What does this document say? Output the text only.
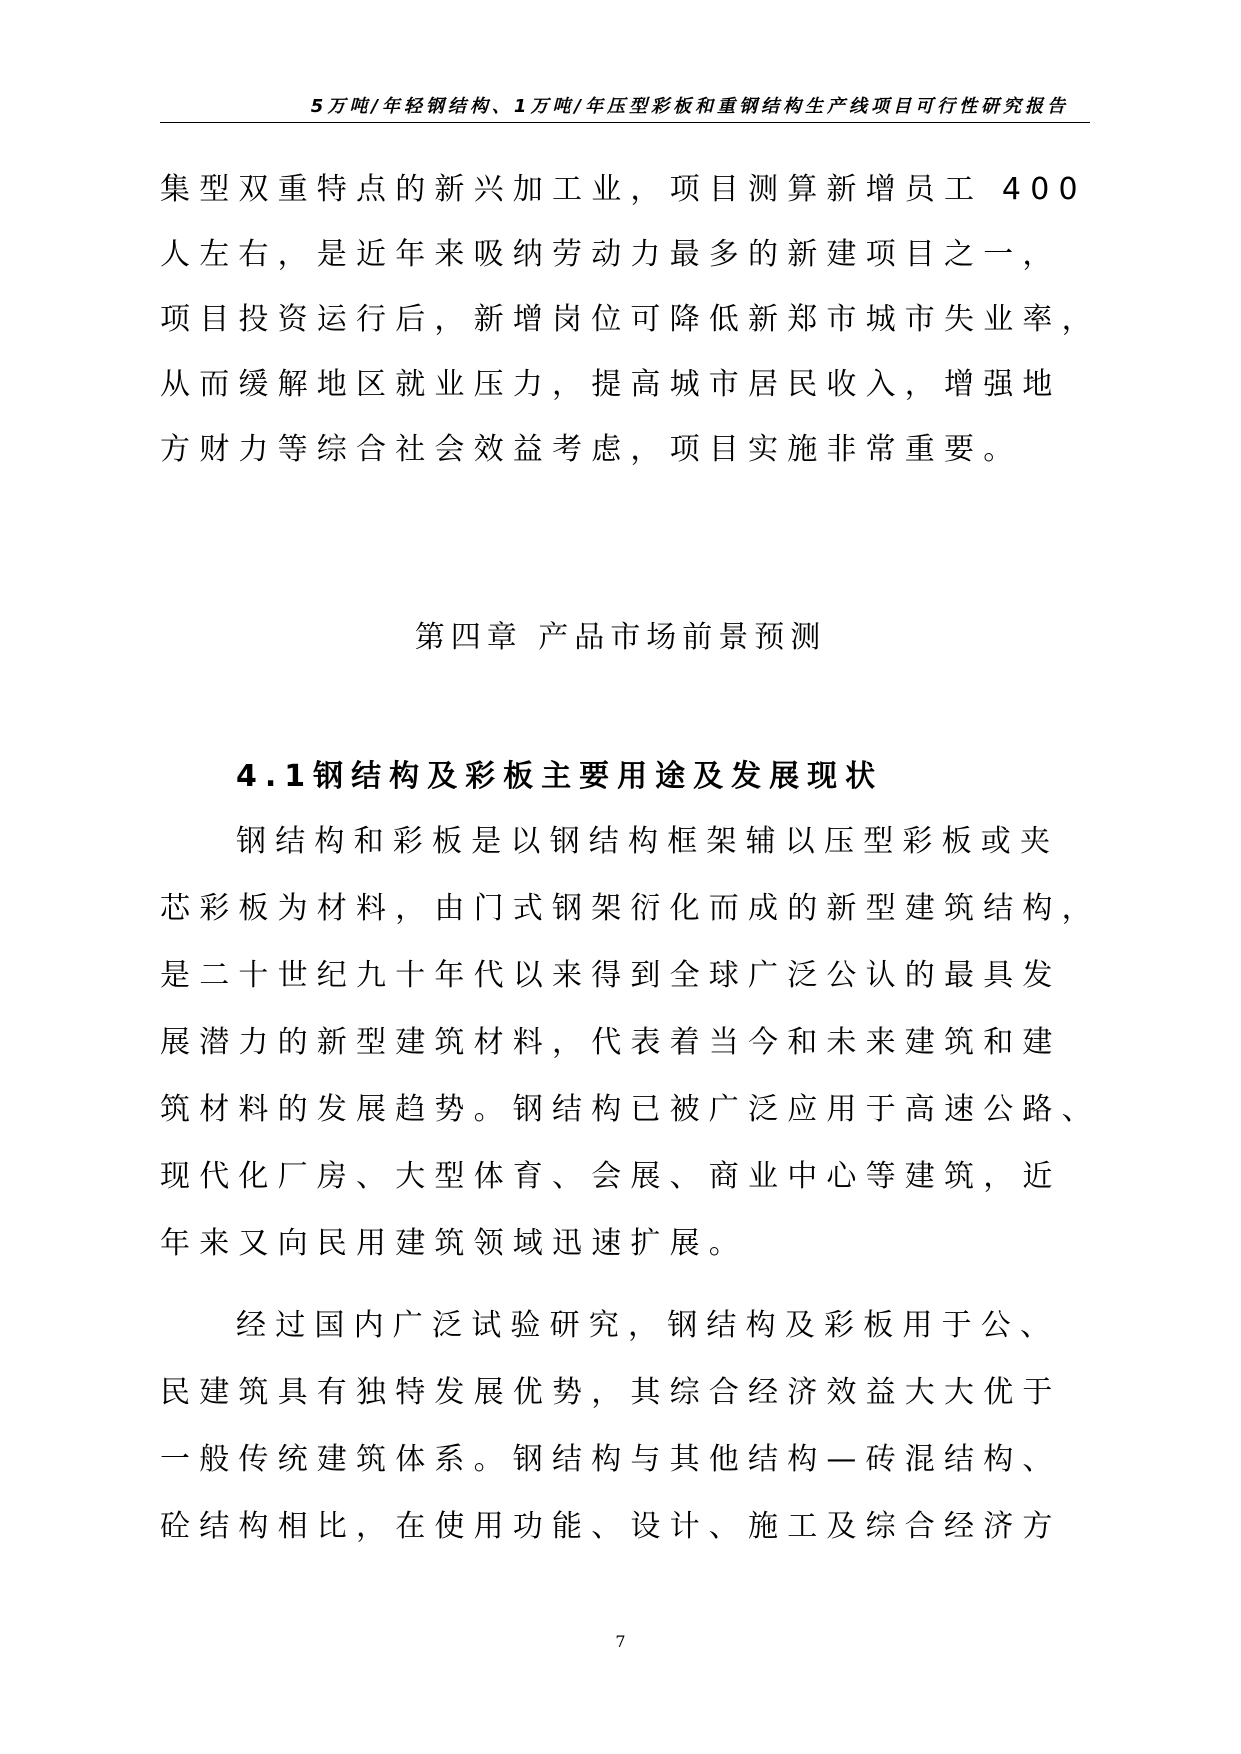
5万吨/年轻钢结构、1万吨/年压型彩板和重钢结构生产线项目可行性研究报告
集型双重特点的新兴加工业，项目测算新增员工 400
人左右，是近年来吸纳劳动力最多的新建项目之一，
项目投资运行后，新增岗位可降低新郑市城市失业率，
从而缓解地区就业压力，提高城市居民收入，增强地
方财力等综合社会效益考虑，项目实施非常重要。
第四章 产品市场前景预测
4.1钢结构及彩板主要用途及发展现状
钢结构和彩板是以钢结构框架辅以压型彩板或夹
芯彩板为材料，由门式钢架衍化而成的新型建筑结构，
是二十世纪九十年代以来得到全球广泛公认的最具发
展潜力的新型建筑材料，代表着当今和未来建筑和建
筑材料的发展趋势。钢结构已被广泛应用于高速公路、
现代化厂房、大型体育、会展、商业中心等建筑，近
年来又向民用建筑领域迅速扩展。
经过国内广泛试验研究，钢结构及彩板用于公、
民建筑具有独特发展优势，其综合经济效益大大优于
一般传统建筑体系。钢结构与其他结构—砖混结构、
砼结构相比，在使用功能、设计、施工及综合经济方
7
